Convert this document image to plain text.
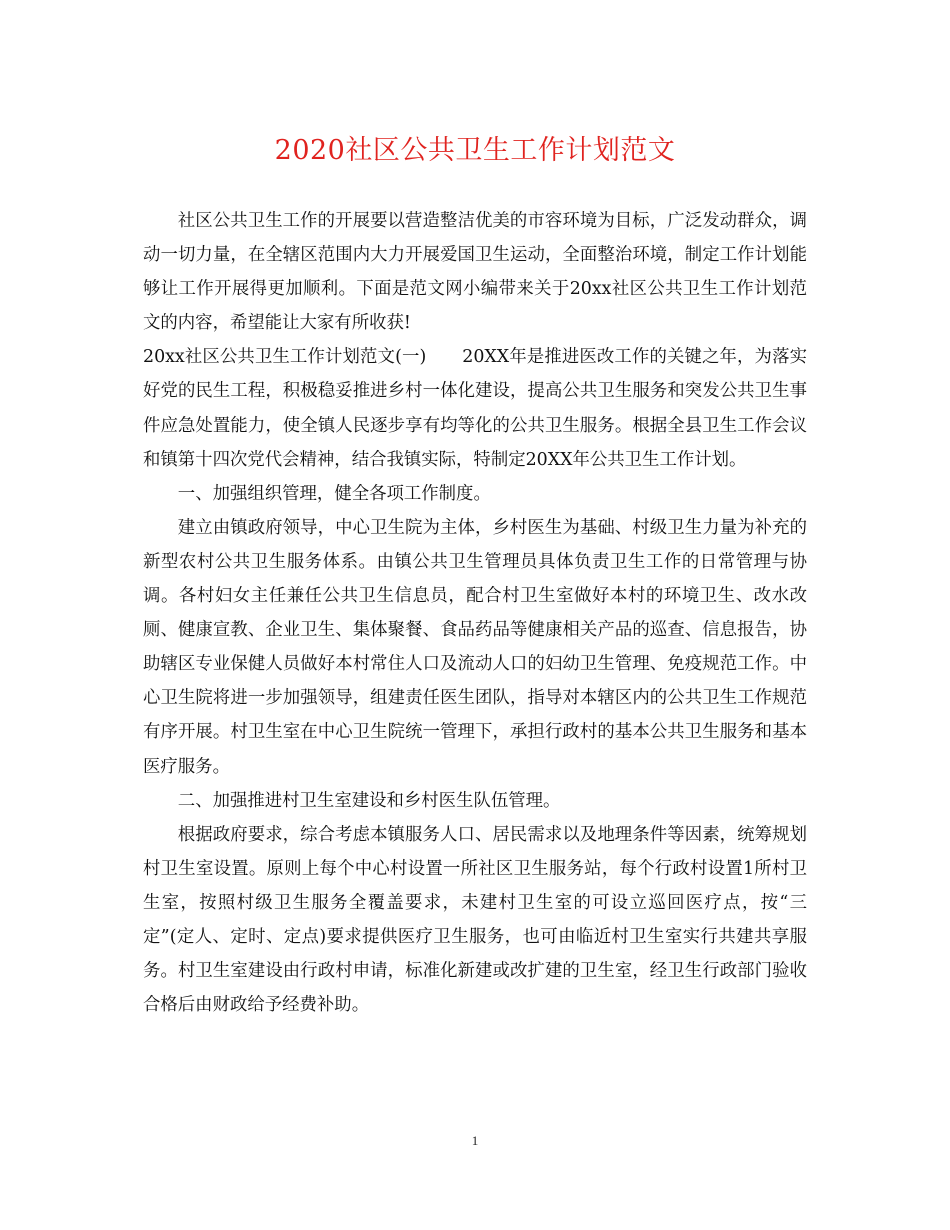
2020社区公共卫生工作计划范文

社区公共卫生工作的开展要以营造整洁优美的市容环境为目标，广泛发动群众，调动一切力量，在全辖区范围内大力开展爱国卫生运动，全面整治环境，制定工作计划能够让工作开展得更加顺利。下面是范文网小编带来关于20xx社区公共卫生工作计划范文的内容，希望能让大家有所收获!

20xx社区公共卫生工作计划范文(一) 20XX年是推进医改工作的关键之年，为落实好党的民生工程，积极稳妥推进乡村一体化建设，提高公共卫生服务和突发公共卫生事件应急处置能力，使全镇人民逐步享有均等化的公共卫生服务。根据全县卫生工作会议和镇第十四次党代会精神，结合我镇实际，特制定20XX年公共卫生工作计划。

一、加强组织管理，健全各项工作制度。

建立由镇政府领导，中心卫生院为主体，乡村医生为基础、村级卫生力量为补充的新型农村公共卫生服务体系。由镇公共卫生管理员具体负责卫生工作的日常管理与协调。各村妇女主任兼任公共卫生信息员，配合村卫生室做好本村的环境卫生、改水改厕、健康宣教、企业卫生、集体聚餐、食品药品等健康相关产品的巡查、信息报告，协助辖区专业保健人员做好本村常住人口及流动人口的妇幼卫生管理、免疫规范工作。中心卫生院将进一步加强领导，组建责任医生团队，指导对本辖区内的公共卫生工作规范有序开展。村卫生室在中心卫生院统一管理下，承担行政村的基本公共卫生服务和基本医疗服务。

二、加强推进村卫生室建设和乡村医生队伍管理。

根据政府要求，综合考虑本镇服务人口、居民需求以及地理条件等因素，统筹规划村卫生室设置。原则上每个中心村设置一所社区卫生服务站，每个行政村设置1所村卫生室，按照村级卫生服务全覆盖要求，未建村卫生室的可设立巡回医疗点，按“三定”(定人、定时、定点)要求提供医疗卫生服务，也可由临近村卫生室实行共建共享服务。村卫生室建设由行政村申请，标准化新建或改扩建的卫生室，经卫生行政部门验收合格后由财政给予经费补助。

1
